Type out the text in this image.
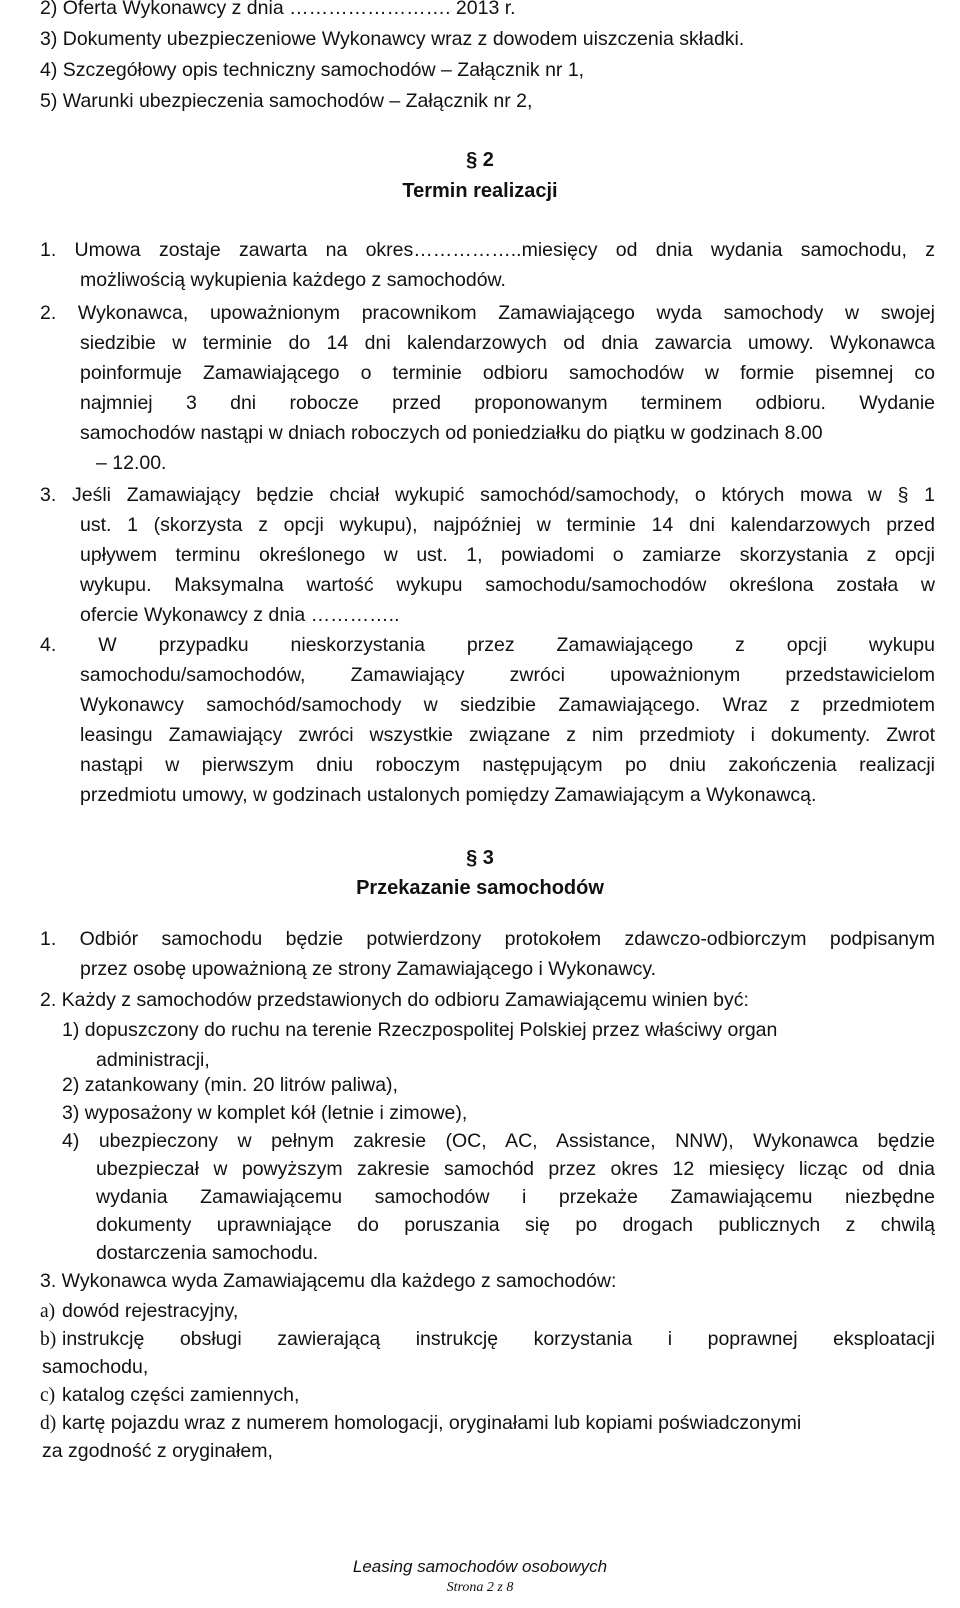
2) Oferta Wykonawcy z dnia ……………………. 2013 r.
3) Dokumenty ubezpieczeniowe Wykonawcy wraz z dowodem uiszczenia składki.
4) Szczegółowy opis techniczny samochodów – Załącznik nr 1,
5) Warunki ubezpieczenia samochodów – Załącznik nr 2,
§ 2
Termin realizacji
1. Umowa zostaje zawarta na okres……………..miesięcy od dnia wydania samochodu, z
możliwością wykupienia każdego z samochodów.
2. Wykonawca, upoważnionym pracownikom Zamawiającego wyda samochody w swojej
siedzibie w terminie do 14 dni kalendarzowych od dnia zawarcia umowy. Wykonawca
poinformuje Zamawiającego o terminie odbioru samochodów w formie pisemnej co
najmniej 3 dni robocze przed proponowanym terminem odbioru. Wydanie
samochodów nastąpi w dniach roboczych od poniedziałku do piątku w godzinach 8.00
– 12.00.
3. Jeśli Zamawiający będzie chciał wykupić samochód/samochody, o których mowa w § 1
ust. 1 (skorzysta z opcji wykupu), najpóźniej w terminie 14 dni kalendarzowych przed
upływem terminu określonego w ust. 1, powiadomi o zamiarze skorzystania z opcji
wykupu. Maksymalna wartość wykupu samochodu/samochodów określona została w
ofercie Wykonawcy z dnia …………..
4. W przypadku nieskorzystania przez Zamawiającego z opcji wykupu
samochodu/samochodów, Zamawiający zwróci upoważnionym przedstawicielom
Wykonawcy samochód/samochody w siedzibie Zamawiającego. Wraz z przedmiotem
leasingu Zamawiający zwróci wszystkie związane z nim przedmioty i dokumenty. Zwrot
nastąpi w pierwszym dniu roboczym następującym po dniu zakończenia realizacji
przedmiotu umowy, w godzinach ustalonych pomiędzy Zamawiającym a Wykonawcą.
§ 3
Przekazanie samochodów
1. Odbiór samochodu będzie potwierdzony protokołem zdawczo-odbiorczym podpisanym
przez osobę upoważnioną ze strony Zamawiającego i Wykonawcy.
2. Każdy z samochodów przedstawionych do odbioru Zamawiającemu winien być:
1) dopuszczony do ruchu na terenie Rzeczpospolitej Polskiej przez właściwy organ
administracji,
2) zatankowany (min. 20 litrów paliwa),
3) wyposażony w komplet kół (letnie i zimowe),
4) ubezpieczony w pełnym zakresie (OC, AC, Assistance, NNW), Wykonawca będzie
ubezpieczał w powyższym zakresie samochód przez okres 12 miesięcy licząc od dnia
wydania Zamawiającemu samochodów i przekaże Zamawiającemu niezbędne
dokumenty uprawniające do poruszania się po drogach publicznych z chwilą
dostarczenia samochodu.
3. Wykonawca wyda Zamawiającemu dla każdego z samochodów:
a) dowód rejestracyjny,
b) instrukcję obsługi zawierającą instrukcję korzystania i poprawnej eksploatacji
samochodu,
c) katalog części zamiennych,
d) kartę pojazdu wraz z numerem homologacji, oryginałami lub kopiami poświadczonymi
za zgodność z oryginałem,
Leasing samochodów osobowych
Strona 2 z 8
